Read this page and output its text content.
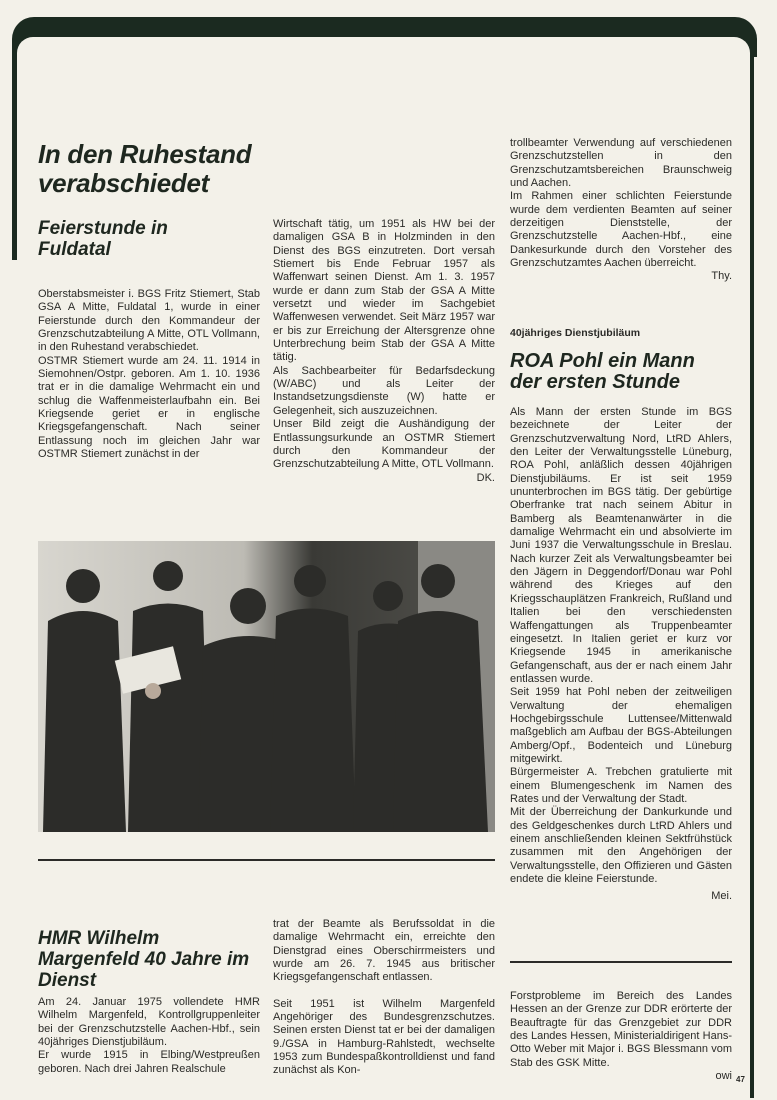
In den Ruhestand verabschiedet
Feierstunde in Fuldatal

Oberstabsmeister i. BGS Fritz Stiemert, Stab GSA A Mitte, Fuldatal 1, wurde in einer Feierstunde durch den Kommandeur der Grenzschutzabteilung A Mitte, OTL Vollmann, in den Ruhestand verabschiedet.

OSTMR Stiemert wurde am 24. 11. 1914 in Siemohnen/Ostpr. geboren. Am 1. 10. 1936 trat er in die damalige Wehrmacht ein und schlug die Waffenmeisterlaufbahn ein. Bei Kriegsende geriet er in englische Kriegsgefangenschaft. Nach seiner Entlassung noch im gleichen Jahr war OSTMR Stiemert zunächst in der

Wirtschaft tätig, um 1951 als HW bei der damaligen GSA B in Holzminden in den Dienst des BGS einzutreten. Dort versah Stiemert bis Ende Februar 1957 als Waffenwart seinen Dienst. Am 1. 3. 1957 wurde er dann zum Stab der GSA A Mitte versetzt und wieder im Sachgebiet Waffenwesen verwendet. Seit März 1957 war er bis zur Erreichung der Altersgrenze ohne Unterbrechung beim Stab der GSA A Mitte tätig.

Als Sachbearbeiter für Bedarfsdeckung (W/ABC) und als Leiter der Instandsetzungsdienste (W) hatte er Gelegenheit, sich auszuzeichnen.

Unser Bild zeigt die Aushändigung der Entlassungsurkunde an OSTMR Stiemert durch den Kommandeur der Grenzschutzabteilung A Mitte, OTL Vollmann.

DK.

HMR Wilhelm Margenfeld 40 Jahre im Dienst

Am 24. Januar 1975 vollendete HMR Wilhelm Margenfeld, Kontrollgruppenleiter bei der Grenzschutzstelle Aachen-Hbf., sein 40jähriges Dienstjubiläum.

Er wurde 1915 in Elbing/Westpreußen geboren. Nach drei Jahren Realschule

trat der Beamte als Berufssoldat in die damalige Wehrmacht ein, erreichte den Dienstgrad eines Oberschirrmeisters und wurde am 26. 7. 1945 aus britischer Kriegsgefangenschaft entlassen.

Seit 1951 ist Wilhelm Margenfeld Angehöriger des Bundesgrenzschutzes. Seinen ersten Dienst tat er bei der damaligen 9./GSA in Hamburg-Rahlstedt, wechselte 1953 zum Bundespaßkontrolldienst und fand zunächst als Kon-

trollbeamter Verwendung auf verschiedenen Grenzschutzstellen in den Grenzschutzamtsbereichen Braunschweig und Aachen.

Im Rahmen einer schlichten Feierstunde wurde dem verdienten Beamten auf seiner derzeitigen Dienststelle, der Grenzschutzstelle Aachen-Hbf., eine Dankesurkunde durch den Vorsteher des Grenzschutzamtes Aachen überreicht.

Thy.

40jähriges Dienstjubiläum
ROA Pohl ein Mann der ersten Stunde

Als Mann der ersten Stunde im BGS bezeichnete der Leiter der Grenzschutzverwaltung Nord, LtRD Ahlers, den Leiter der Verwaltungsstelle Lüneburg, ROA Pohl, anläßlich dessen 40jährigen Dienstjubiläums. Er ist seit 1959 ununterbrochen im BGS tätig. Der gebürtige Oberfranke trat nach seinem Abitur in Bamberg als Beamtenanwärter in die damalige Wehrmacht ein und absolvierte im Juni 1937 die Verwaltungsschule in Breslau. Nach kurzer Zeit als Verwaltungsbeamter bei den Jägern in Deggendorf/Donau war Pohl während des Krieges auf den Kriegsschauplätzen Frankreich, Rußland und Italien bei den verschiedensten Waffengattungen als Truppenbeamter eingesetzt. In Italien geriet er kurz vor Kriegsende 1945 in amerikanische Gefangenschaft, aus der er nach einem Jahr entlassen wurde.

Seit 1959 hat Pohl neben der zeitweiligen Verwaltung der ehemaligen Hochgebirgsschule Luttensee/Mittenwald maßgeblich am Aufbau der BGS-Abteilungen Amberg/Opf., Bodenteich und Lüneburg mitgewirkt.

Bürgermeister A. Trebchen gratulierte mit einem Blumengeschenk im Namen des Rates und der Verwaltung der Stadt.

Mit der Überreichung der Dankurkunde und des Geldgeschenkes durch LtRD Ahlers und einem anschließenden kleinen Sektfrühstück zusammen mit den Angehörigen der Verwaltungsstelle, den Offizieren und Gästen endete die kleine Feierstunde.

Mei.

Forstprobleme im Bereich des Landes Hessen an der Grenze zur DDR erörterte der Beauftragte für das Grenzgebiet zur DDR des Landes Hessen, Ministerialdirigent Hans-Otto Weber mit Major i. BGS Blessmann vom Stab des GSK Mitte.

owi 47
